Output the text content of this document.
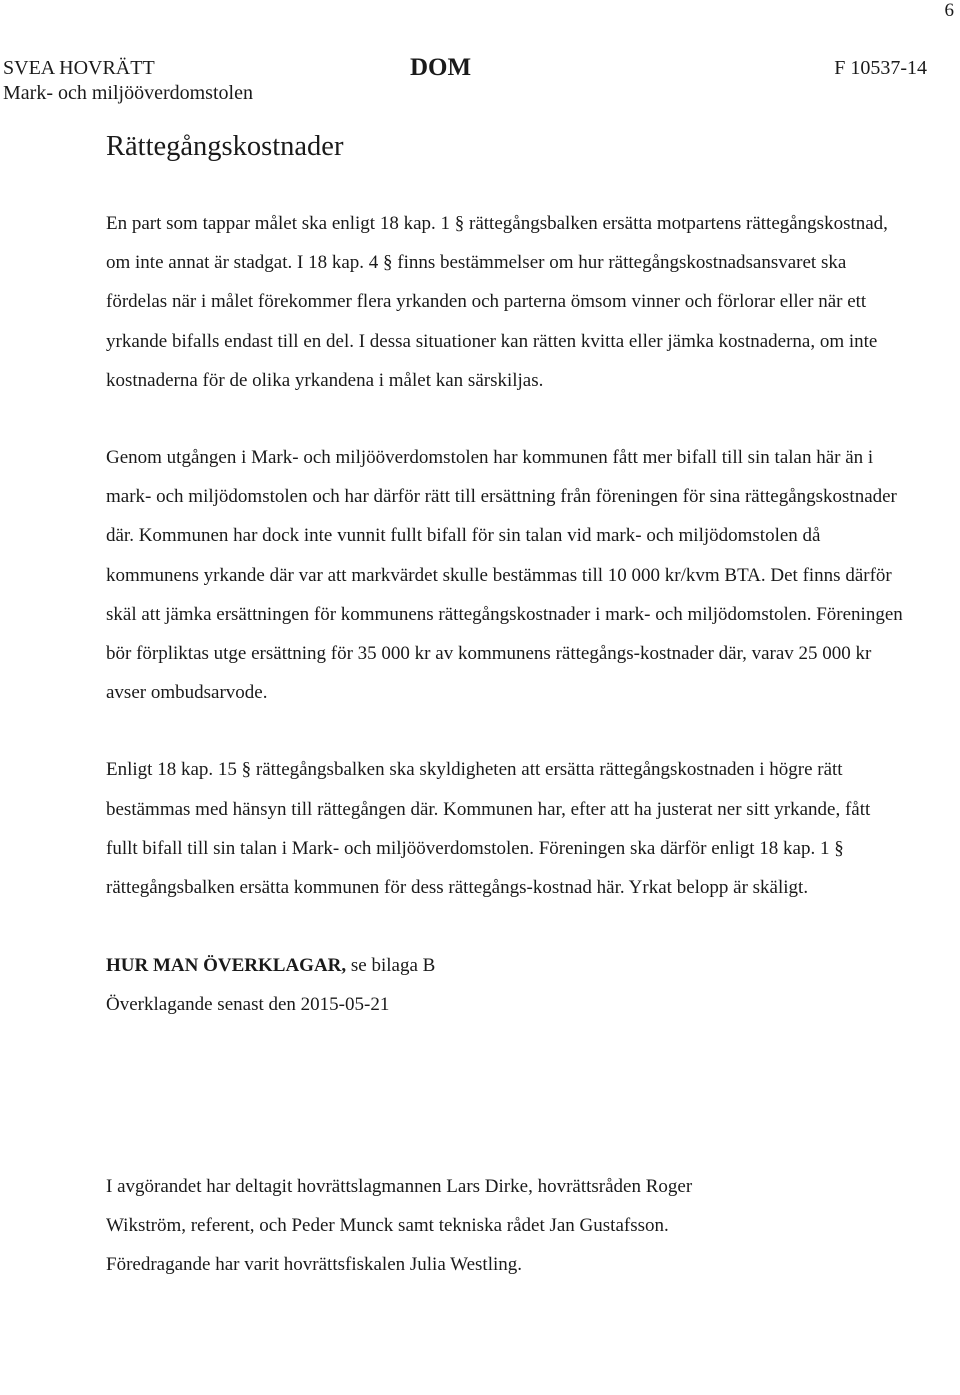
6
SVEA HOVRÄTT
Mark- och miljööverdomstolen
DOM	F 10537-14
Rättegångskostnader

En part som tappar målet ska enligt 18 kap. 1 § rättegångsbalken ersätta motpartens rättegångskostnad, om inte annat är stadgat. I 18 kap. 4 § finns bestämmelser om hur rättegångskostnadsansvaret ska fördelas när i målet förekommer flera yrkanden och parterna ömsom vinner och förlorar eller när ett yrkande bifalls endast till en del. I dessa situationer kan rätten kvitta eller jämka kostnaderna, om inte kostnaderna för de olika yrkandena i målet kan särskiljas.

Genom utgången i Mark- och miljööverdomstolen har kommunen fått mer bifall till sin talan här än i mark- och miljödomstolen och har därför rätt till ersättning från föreningen för sina rättegångskostnader där. Kommunen har dock inte vunnit fullt bifall för sin talan vid mark- och miljödomstolen då kommunens yrkande där var att markvärdet skulle bestämmas till 10 000 kr/kvm BTA. Det finns därför skäl att jämka ersättningen för kommunens rättegångskostnader i mark- och miljödomstolen. Föreningen bör förpliktas utge ersättning för 35 000 kr av kommunens rättegångs-kostnader där, varav 25 000 kr avser ombudsarvode.

Enligt 18 kap. 15 § rättegångsbalken ska skyldigheten att ersätta rättegångskostnaden i högre rätt bestämmas med hänsyn till rättegången där. Kommunen har, efter att ha justerat ner sitt yrkande, fått fullt bifall till sin talan i Mark- och miljööverdomstolen. Föreningen ska därför enligt 18 kap. 1 § rättegångsbalken ersätta kommunen för dess rättegångs-kostnad här. Yrkat belopp är skäligt.

HUR MAN ÖVERKLAGAR, se bilaga B

Överklagande senast den 2015-05-21

I avgörandet har deltagit hovrättslagmannen Lars Dirke, hovrättsråden Roger

Wikström, referent, och Peder Munck samt tekniska rådet Jan Gustafsson.

Föredragande har varit hovrättsfiskalen Julia Westling.
